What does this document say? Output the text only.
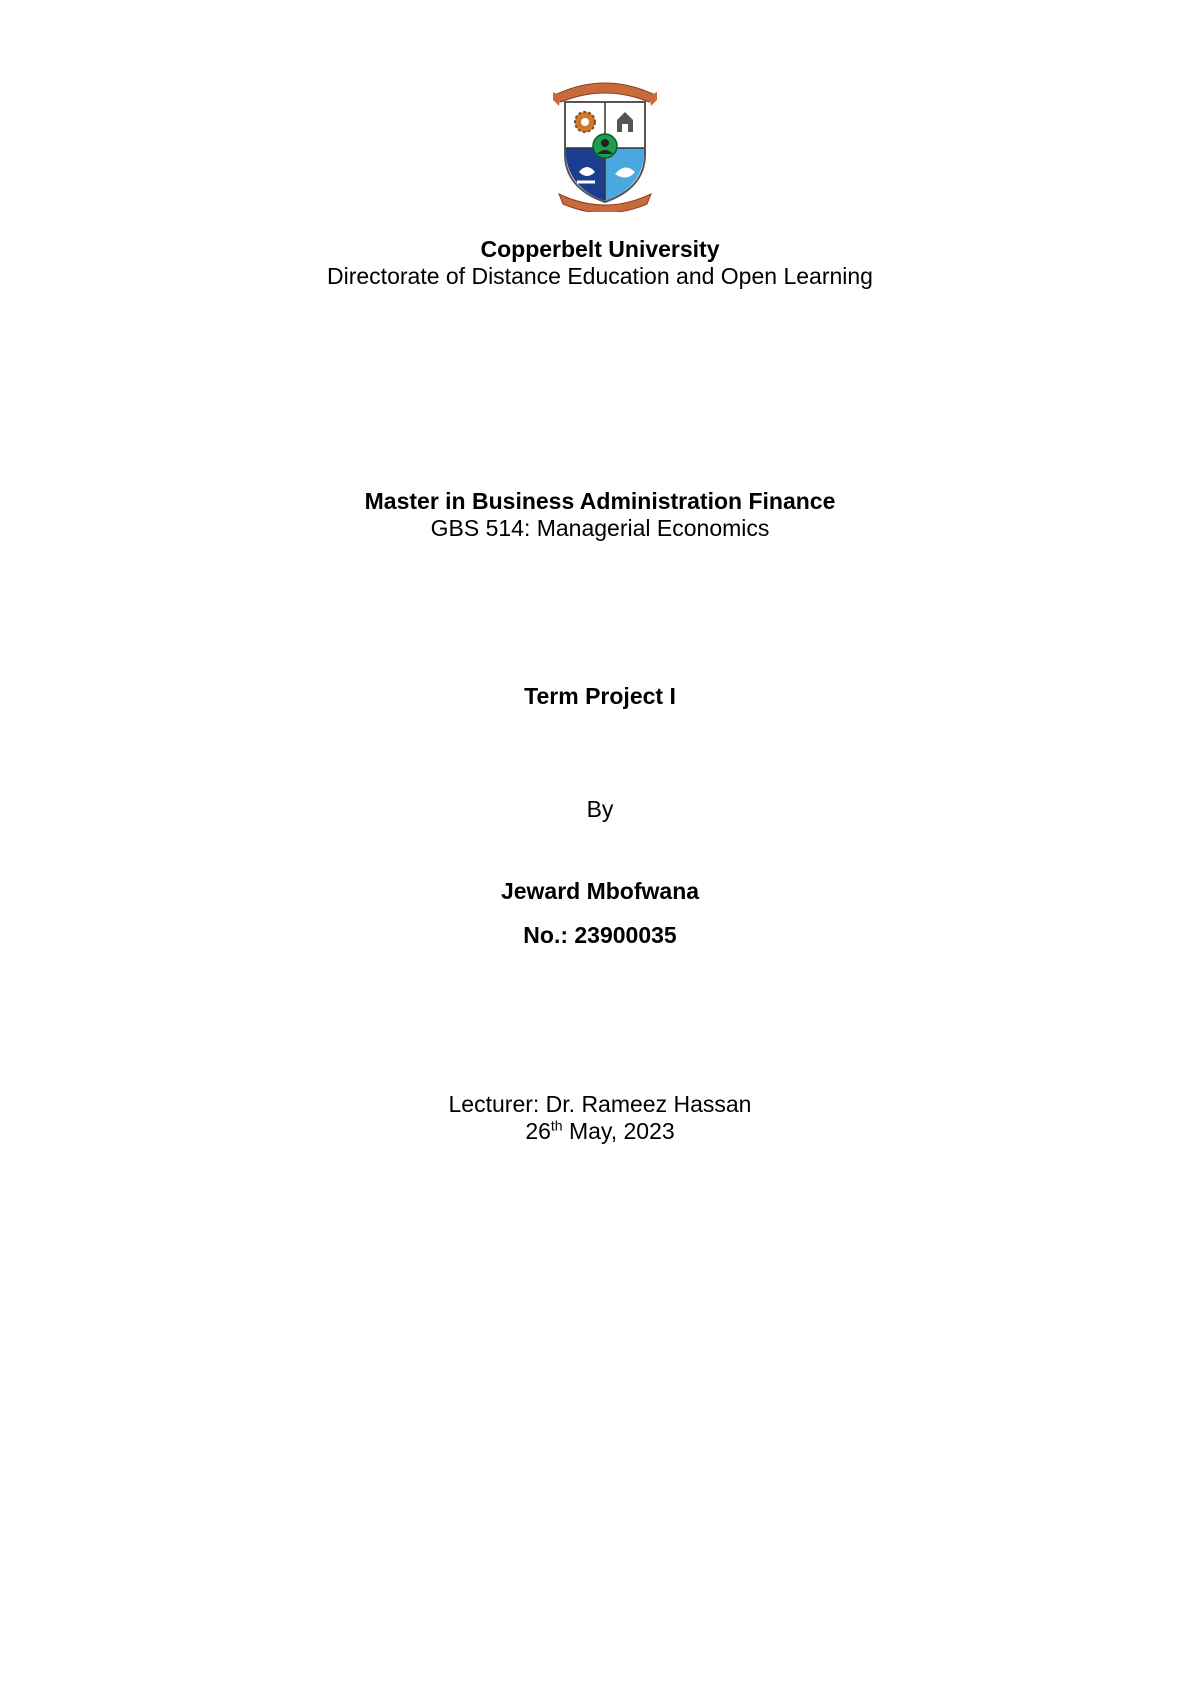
Copperbelt University
Directorate of Distance Education and Open Learning
Master in Business Administration Finance
GBS 514: Managerial Economics
Term Project I
By
Jeward Mbofwana
No.: 23900035
Lecturer: Dr. Rameez Hassan
26th May, 2023
